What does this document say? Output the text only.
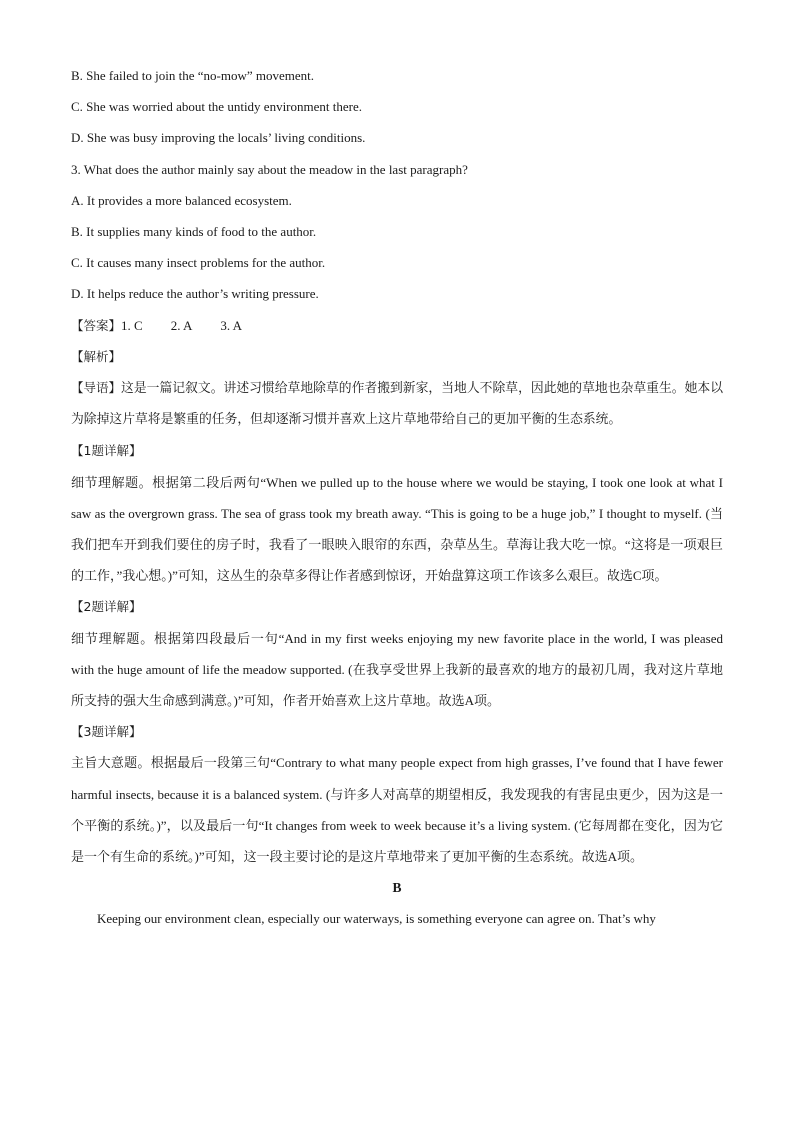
B. She failed to join the “no-mow” movement.

C. She was worried about the untidy environment there.

D. She was busy improving the locals’ living conditions.

3. What does the author mainly say about the meadow in the last paragraph?

A. It provides a more balanced ecosystem.

B. It supplies many kinds of food to the author.

C. It causes many insect problems for the author.

D. It helps reduce the author’s writing pressure.

【答案】1. C 2. A 3. A

【解析】

【导语】这是一篇记叙文。讲述习惯给草地除草的作者搬到新家，当地人不除草，因此她的草地也杂草重生。她本以为除掉这片草将是繁重的任务，但却逐渐习惯并喜欢上这片草地带给自己的更加平衡的生态系统。

【1题详解】

细节理解题。根据第二段后两句“When we pulled up to the house where we would be staying, I took one look at what I saw as the overgrown grass. The sea of grass took my breath away. “This is going to be a huge job,” I thought to myself. (当我们把车开到我们要住的房子时，我看了一眼映入眼帘的东西，杂草丛生。草海让我大吃一惊。“这将是一项艰巨的工作，”我心想。)”可知，这丛生的杂草多得让作者感到惊讶，开始盘算这项工作该多么艰巨。故选C项。

【2题详解】

细节理解题。根据第四段最后一句“And in my first weeks enjoying my new favorite place in the world, I was pleased with the huge amount of life the meadow supported. (在我享受世界上我新的最喜欢的地方的最初几周，我对这片草地所支持的强大生命感到满意。)”可知，作者开始喜欢上这片草地。故选A项。

【3题详解】

主旨大意题。根据最后一段第三句“Contrary to what many people expect from high grasses, I’ve found that I have fewer harmful insects, because it is a balanced system. (与许多人对高草的期望相反，我发现我的有害昆虫更少，因为这是一个平衡的系统。)”，以及最后一句“It changes from week to week because it’s a living system. (它每周都在变化，因为它是一个有生命的系统。)”可知，这一段主要讨论的是这片草地带来了更加平衡的生态系统。故选A项。

B

Keeping our environment clean, especially our waterways, is something everyone can agree on. That’s why
